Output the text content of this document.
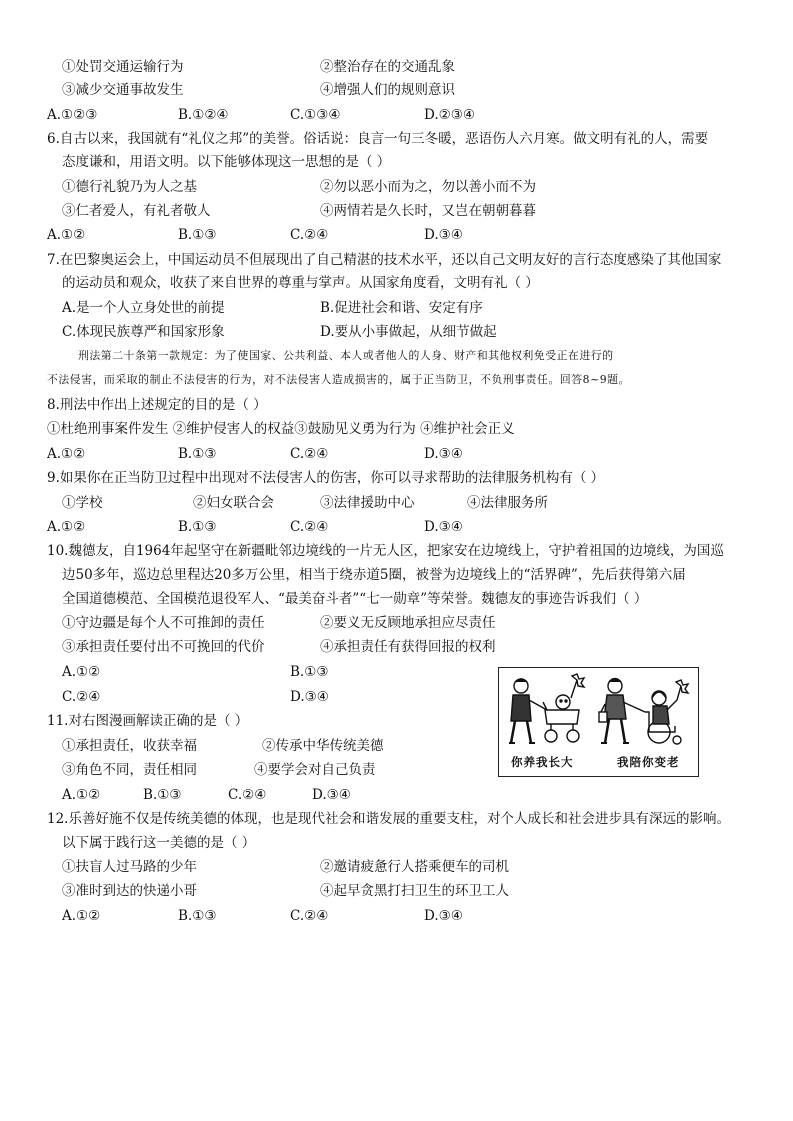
①处罚交通运输行为	②整治存在的交通乱象
③减少交通事故发生	④增强人们的规则意识
A.①②③	B.①②④	C.①③④	D.②③④
6.自古以来，我国就有“礼仪之邦”的美誉。俗话说：良言一句三冬暖，恶语伤人六月寒。做文明有礼的人，需要
态度谦和，用语文明。以下能够体现这一思想的是（ ）
①德行礼貌乃为人之基	②勿以恶小而为之，勿以善小而不为
③仁者爱人，有礼者敬人	④两情若是久长时，又岂在朝朝暮暮
A.①②	B.①③	C.②④	D.③④
7.在巴黎奥运会上，中国运动员不但展现出了自己精湛的技术水平，还以自己文明友好的言行态度感染了其他国家
的运动员和观众，收获了来自世界的尊重与掌声。从国家角度看，文明有礼（ ）
A.是一个人立身处世的前提	B.促进社会和谐、安定有序
C.体现民族尊严和国家形象	D.要从小事做起，从细节做起
刑法第二十条第一款规定：为了使国家、公共利益、本人或者他人的人身、财产和其他权利免受正在进行的
不法侵害，而采取的制止不法侵害的行为，对不法侵害人造成损害的，属于正当防卫，不负刑事责任。回答8~9题。
8.刑法中作出上述规定的目的是（ ）
①杜绝刑事案件发生 ②维护侵害人的权益③鼓励见义勇为行为 ④维护社会正义
A.①②	B.①③	C.②④	D.③④
9.如果你在正当防卫过程中出现对不法侵害人的伤害，你可以寻求帮助的法律服务机构有（ ）
①学校	②妇女联合会	③法律援助中心	④法律服务所
A.①②	B.①③	C.②④	D.③④
10.魏德友，自1964年起坚守在新疆毗邻边境线的一片无人区，把家安在边境线上，守护着祖国的边境线，为国巡
边50多年，巡边总里程达20多万公里，相当于绕赤道5圈，被誉为边境线上的“活界碑”，先后获得第六届
全国道德模范、全国模范退役军人、“最美奋斗者”“七一勋章”等荣誉。魏德友的事迹告诉我们（ ）
①守边疆是每个人不可推卸的责任	②要义无反顾地承担应尽责任
③承担责任要付出不可挽回的代价	④承担责任有获得回报的权利
A.①②	B.①③
C.②④	D.③④
你养我长大	我陪你变老
11.对右图漫画解读正确的是（ ）
①承担责任，收获幸福	②传承中华传统美德
③角色不同，责任相同	④要学会对自己负责
A.①②	B.①③	C.②④	D.③④
12.乐善好施不仅是传统美德的体现，也是现代社会和谐发展的重要支柱，对个人成长和社会进步具有深远的影响。
以下属于践行这一美德的是（ ）
①扶盲人过马路的少年	②邀请疲惫行人搭乘便车的司机
③准时到达的快递小哥	④起早贪黑打扫卫生的环卫工人
A.①②	B.①③	C.②④	D.③④
